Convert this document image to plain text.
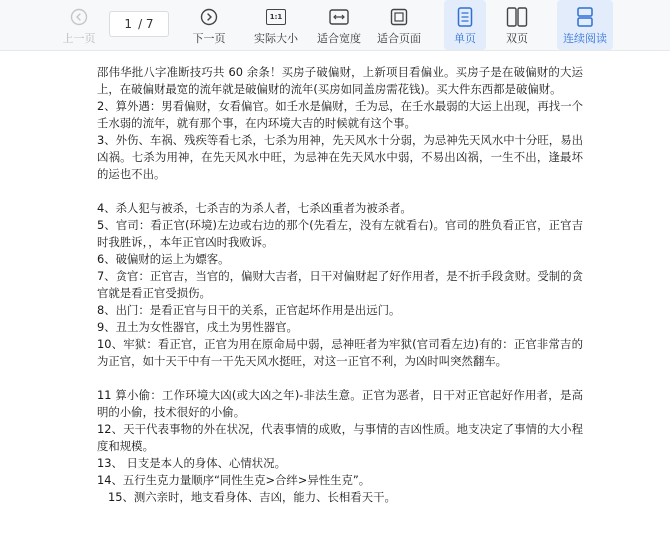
上一页
1 / 7
下一页
1:1
实际大小 适合宽度 适合页面	单页	双页	连续阅读

邵伟华批八字准断技巧共 60 余条！买房子破偏财，上新项目看偏业。买房子是在破偏财的大运上，在破偏财最宽的流年就是破偏财的流年(买房如同盖房需花钱)。买大件东西都是破偏财。

2、算外遇：男看偏财，女看偏官。如壬水是偏财，壬为忌，在壬水最弱的大运上出现，再找一个壬水弱的流年，就有那个事，在内环境大吉的时候就有这个事。

3、外伤、车祸、残疾等看七杀，七杀为用神，先天风水十分弱，为忌神先天风水中十分旺，易出凶祸。七杀为用神，在先天风水中旺，为忌神在先天风水中弱，不易出凶祸，一生不出，逢最坏的运也不出。

4、杀人犯与被杀，七杀吉的为杀人者，七杀凶重者为被杀者。

5、官司：看正官(环境)左边或右边的那个(先看左，没有左就看右)。官司的胜负看正官，正官吉时我胜诉，，本年正官凶时我败诉。

6、破偏财的运上为嫖客。

7、贪官：正官吉，当官的，偏财大吉者，日干对偏财起了好作用者，是不折手段贪财。受制的贪官就是看正官受损伤。

8、出门：是看正官与日干的关系，正官起坏作用是出远门。

9、丑土为女性器官，戌土为男性器官。

10、牢狱：看正官，正官为用在原命局中弱，忌神旺者为牢狱(官司看左边)有的：正官非常吉的为正官，如十天干中有一干先天风水挺旺，对这一正官不利，为凶时叫突然翻车。

11 算小偷：工作环境大凶(或大凶之年)-非法生意。正官为恶者，日干对正官起好作用者，是高明的小偷，技术很好的小偷。

12、天干代表事物的外在状况，代表事情的成败，与事情的吉凶性质。地支决定了事情的大小程度和规模。

13、 日支是本人的身体、心情状况。

14、五行生克力量顺序“同性生克>合绊>异性生克”。

15、测六亲时，地支看身体、吉凶，能力、长相看天干。
